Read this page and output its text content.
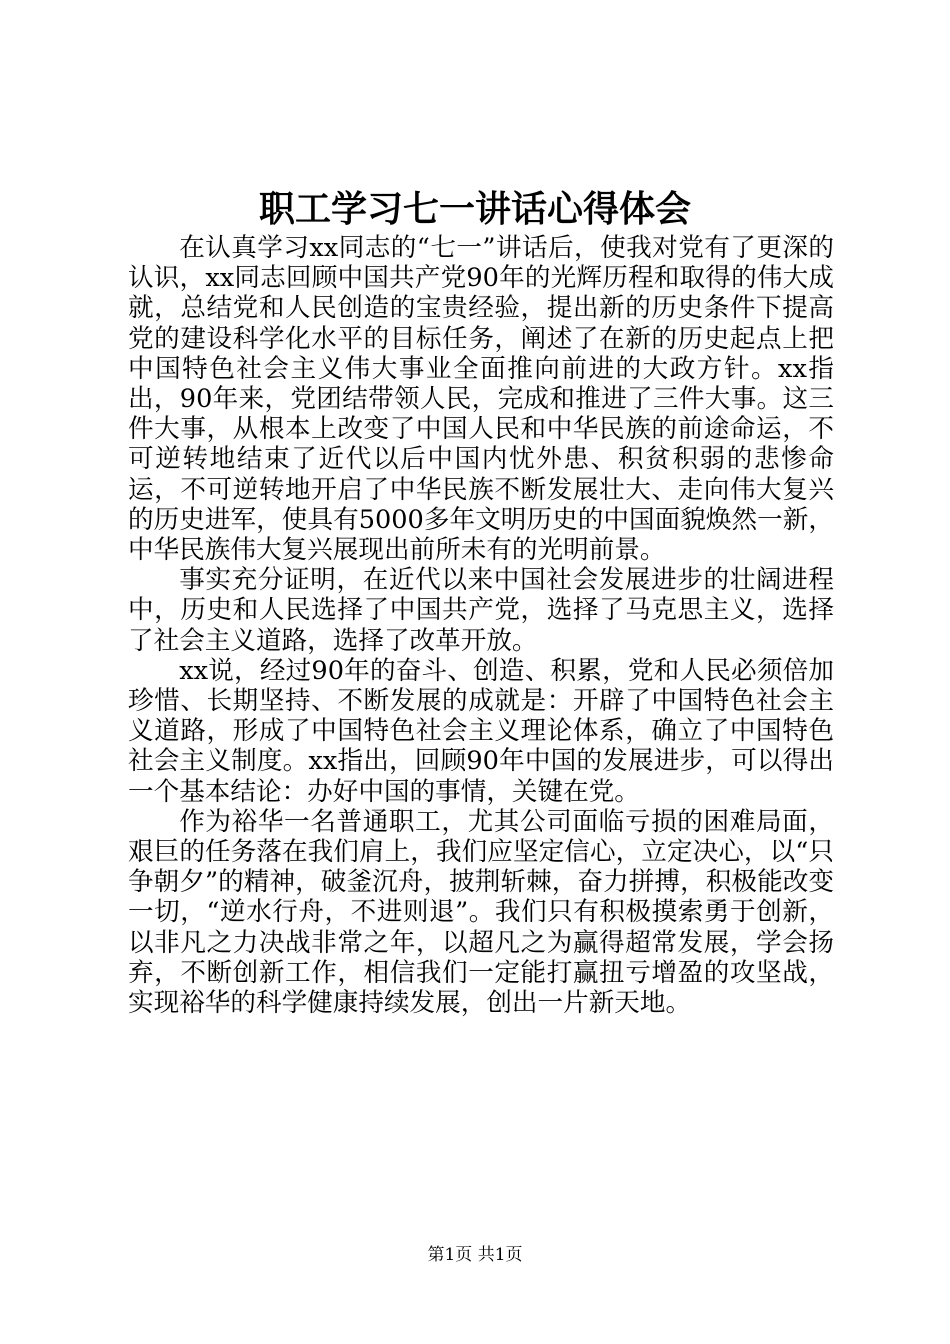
职工学习七一讲话心得体会

在认真学习xx同志的“七一”讲话后，使我对党有了更深的认识，xx同志回顾中国共产党90年的光辉历程和取得的伟大成就，总结党和人民创造的宝贵经验，提出新的历史条件下提高党的建设科学化水平的目标任务，阐述了在新的历史起点上把中国特色社会主义伟大事业全面推向前进的大政方针。xx指出，90年来，党团结带领人民，完成和推进了三件大事。这三件大事，从根本上改变了中国人民和中华民族的前途命运，不可逆转地结束了近代以后中国内忧外患、积贫积弱的悲惨命运，不可逆转地开启了中华民族不断发展壮大、走向伟大复兴的历史进军，使具有5000多年文明历史的中国面貌焕然一新，中华民族伟大复兴展现出前所未有的光明前景。

事实充分证明，在近代以来中国社会发展进步的壮阔进程中，历史和人民选择了中国共产党，选择了马克思主义，选择了社会主义道路，选择了改革开放。

xx说，经过90年的奋斗、创造、积累，党和人民必须倍加珍惜、长期坚持、不断发展的成就是：开辟了中国特色社会主义道路，形成了中国特色社会主义理论体系，确立了中国特色社会主义制度。xx指出，回顾90年中国的发展进步，可以得出一个基本结论：办好中国的事情，关键在党。

作为裕华一名普通职工，尤其公司面临亏损的困难局面，艰巨的任务落在我们肩上，我们应坚定信心，立定决心，以“只争朝夕”的精神，破釜沉舟，披荆斩棘，奋力拼搏，积极能改变一切，“逆水行舟，不进则退”。我们只有积极摸索勇于创新，以非凡之力决战非常之年，以超凡之为赢得超常发展，学会扬弃，不断创新工作，相信我们一定能打赢扭亏增盈的攻坚战，实现裕华的科学健康持续发展，创出一片新天地。

第1页 共1页
